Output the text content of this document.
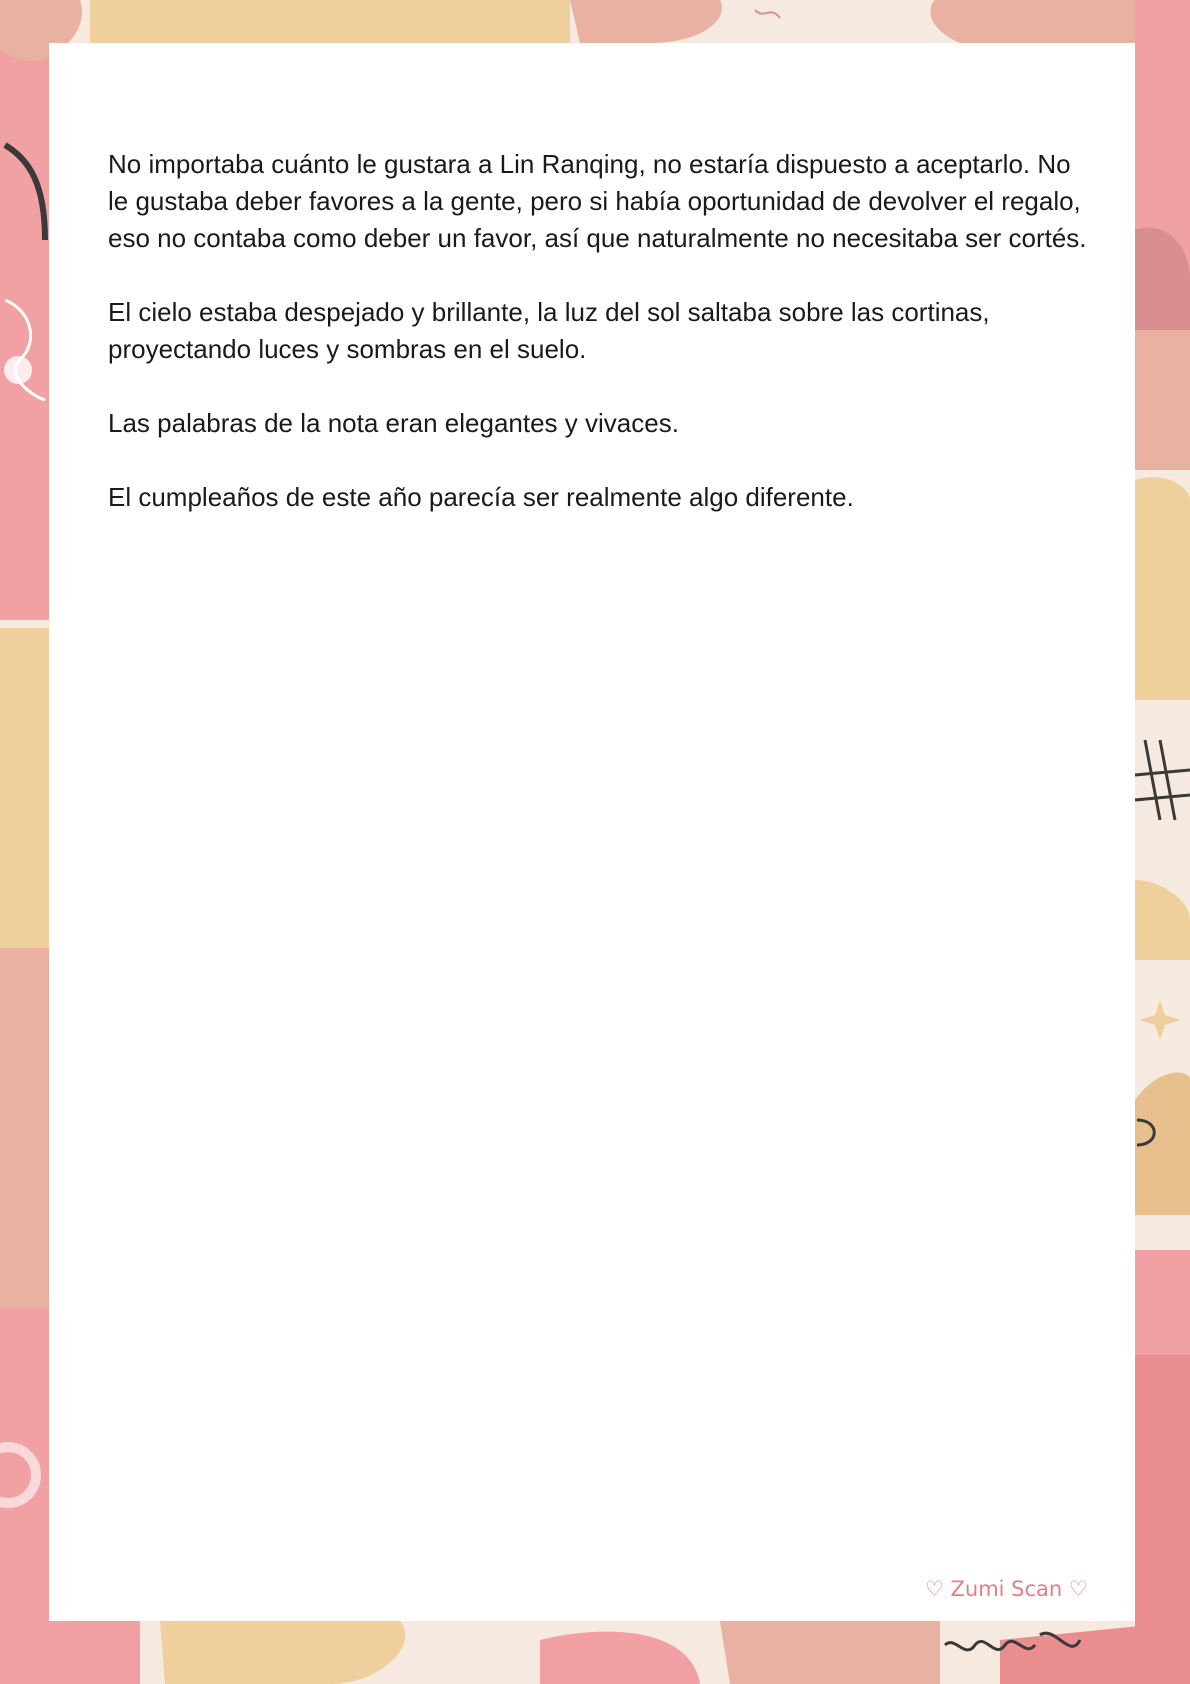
No importaba cuánto le gustara a Lin Ranqing, no estaría dispuesto a aceptarlo. No le gustaba deber favores a la gente, pero si había oportunidad de devolver el regalo, eso no contaba como deber un favor, así que naturalmente no necesitaba ser cortés.

El cielo estaba despejado y brillante, la luz del sol saltaba sobre las cortinas, proyectando luces y sombras en el suelo.

Las palabras de la nota eran elegantes y vivaces.

El cumpleaños de este año parecía ser realmente algo diferente.

♡ Zumi Scan ♡
